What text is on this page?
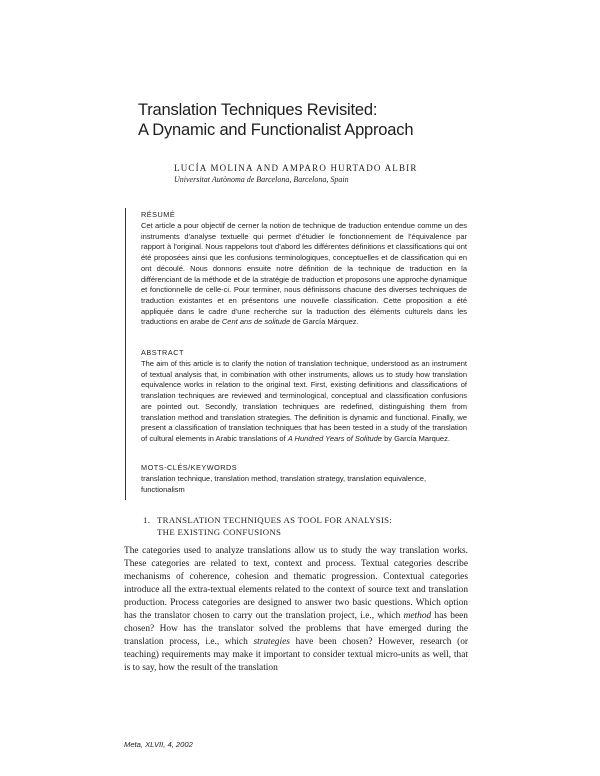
Translation Techniques Revisited:
A Dynamic and Functionalist Approach
LUCÍA MOLINA AND AMPARO HURTADO ALBIR
Universitat Autònoma de Barcelona, Barcelona, Spain
RÉSUMÉ
Cet article a pour objectif de cerner la notion de technique de traduction entendue comme un des instruments d’analyse textuelle qui permet d’étudier le fonctionnement de l’équivalence par rapport à l’original. Nous rappelons tout d’abord les différentes définitions et classifications qui ont été proposées ainsi que les confusions terminologiques, conceptuelles et de classification qui en ont découlé. Nous donnons ensuite notre définition de la technique de traduction en la différenciant de la méthode et de la stratégie de traduction et proposons une approche dynamique et fonctionnelle de celle-ci. Pour terminer, nous définissons chacune des diverses techniques de traduction existantes et en présentons une nouvelle classification. Cette proposition a été appliquée dans le cadre d’une recherche sur la traduction des éléments culturels dans les traductions en arabe de Cent ans de solitude de García Márquez.
ABSTRACT
The aim of this article is to clarify the notion of translation technique, understood as an instrument of textual analysis that, in combination with other instruments, allows us to study how translation equivalence works in relation to the original text. First, existing definitions and classifications of translation techniques are reviewed and terminological, conceptual and classification confusions are pointed out. Secondly, translation techniques are redefined, distinguishing them from translation method and translation strategies. The definition is dynamic and functional. Finally, we present a classification of translation techniques that has been tested in a study of the translation of cultural elements in Arabic translations of A Hundred Years of Solitude by García Marquez.
MOTS-CLÉS/KEYWORDS
translation technique, translation method, translation strategy, translation equivalence, functionalism
1. TRANSLATION TECHNIQUES AS TOOL FOR ANALYSIS:
THE EXISTING CONFUSIONS
The categories used to analyze translations allow us to study the way translation works. These categories are related to text, context and process. Textual categories describe mechanisms of coherence, cohesion and thematic progression. Contextual categories introduce all the extra-textual elements related to the context of source text and translation production. Process categories are designed to answer two basic questions. Which option has the translator chosen to carry out the translation project, i.e., which method has been chosen? How has the translator solved the problems that have emerged during the translation process, i.e., which strategies have been chosen? However, research (or teaching) requirements may make it important to consider textual micro-units as well, that is to say, how the result of the translation
Meta, XLVII, 4, 2002
